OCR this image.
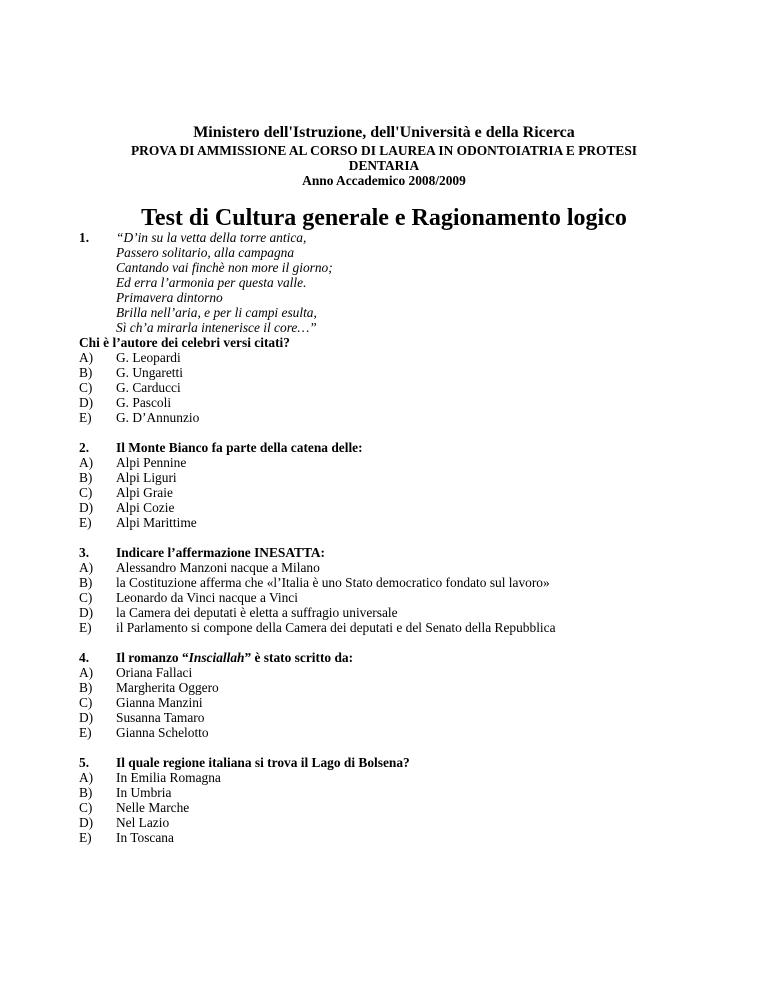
Ministero dell'Istruzione, dell'Università e della Ricerca
PROVA DI AMMISSIONE AL CORSO DI LAUREA IN ODONTOIATRIA E PROTESI
DENTARIA
Anno Accademico 2008/2009
Test di Cultura generale e Ragionamento logico
1.	“D’in su la vetta della torre antica,
Passero solitario, alla campagna
Cantando vai finchè non more il giorno;
Ed erra l’armonia per questa valle.
Primavera dintorno
Brilla nell’aria, e per li campi esulta,
Sì ch’a mirarla intenerisce il core…”
Chi è l’autore dei celebri versi citati?
A)	G. Leopardi
B)	G. Ungaretti
C)	G. Carducci
D)	G. Pascoli
E)	G. D’Annunzio
2.	Il Monte Bianco fa parte della catena delle:
A)	Alpi Pennine
B)	Alpi Liguri
C)	Alpi Graie
D)	Alpi Cozie
E)	Alpi Marittime
3.	Indicare l’affermazione INESATTA:
A)	Alessandro Manzoni nacque a Milano
B)	la Costituzione afferma che «l’Italia è uno Stato democratico fondato sul lavoro»
C)	Leonardo da Vinci nacque a Vinci
D)	la Camera dei deputati è eletta a suffragio universale
E)	il Parlamento si compone della Camera dei deputati e del Senato della Repubblica
4.	Il romanzo “Insciallah” è stato scritto da:
A)	Oriana Fallaci
B)	Margherita Oggero
C)	Gianna Manzini
D)	Susanna Tamaro
E)	Gianna Schelotto
5.	Il quale regione italiana si trova il Lago di Bolsena?
A)	In Emilia Romagna
B)	In Umbria
C)	Nelle Marche
D)	Nel Lazio
E)	In Toscana
